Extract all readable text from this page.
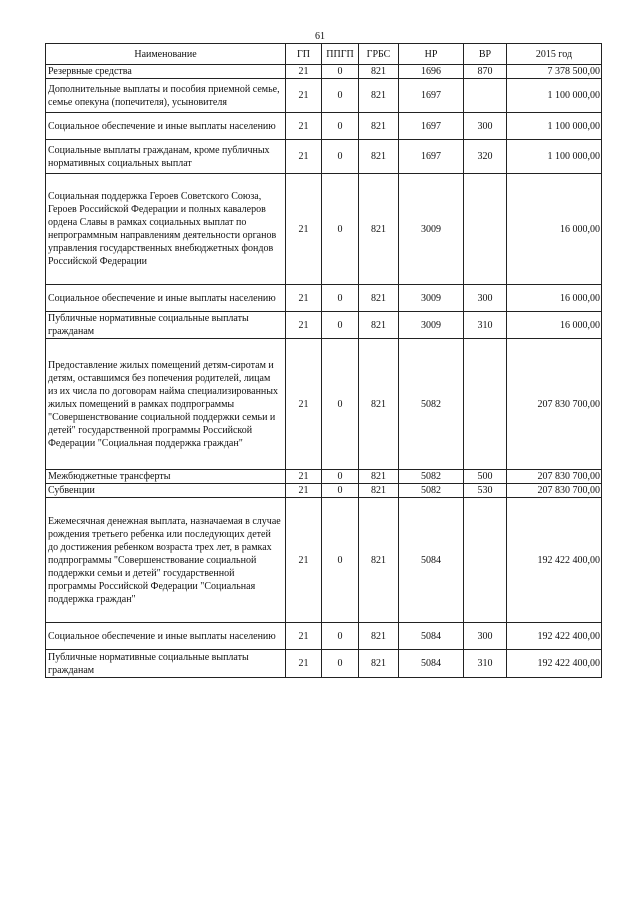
61
Наименование	ГП	ППГП	ГРБС	НР	ВР	2015 год
Резервные средства	21	0	821	1696	870	7 378 500,00
Дополнительные выплаты и пособия приемной семье, семье опекуна (попечителя), усыновителя	21	0	821	1697		1 100 000,00
Социальное обеспечение и иные выплаты населению	21	0	821	1697	300	1 100 000,00
Социальные выплаты гражданам, кроме публичных нормативных социальных выплат	21	0	821	1697	320	1 100 000,00
Социальная поддержка Героев Советского Союза, Героев Российской Федерации и полных кавалеров ордена Славы в рамках социальных выплат по непрограммным направлениям деятельности органов управления государственных внебюджетных фондов Российской Федерации	21	0	821	3009		16 000,00
Социальное обеспечение и иные выплаты населению	21	0	821	3009	300	16 000,00
Публичные нормативные социальные выплаты гражданам	21	0	821	3009	310	16 000,00
Предоставление жилых помещений детям-сиротам и детям, оставшимся без попечения родителей, лицам из их числа по договорам найма специализированных жилых помещений в рамках подпрограммы "Совершенствование социальной поддержки семьи и детей" государственной программы Российской Федерации "Социальная поддержка граждан"	21	0	821	5082		207 830 700,00
Межбюджетные трансферты	21	0	821	5082	500	207 830 700,00
Субвенции	21	0	821	5082	530	207 830 700,00
Ежемесячная денежная выплата, назначаемая в случае рождения третьего ребенка или последующих детей до достижения ребенком возраста трех лет, в рамках подпрограммы "Совершенствование социальной поддержки семьи и детей" государственной программы Российской Федерации "Социальная поддержка граждан"	21	0	821	5084		192 422 400,00
Социальное обеспечение и иные выплаты населению	21	0	821	5084	300	192 422 400,00
Публичные нормативные социальные выплаты гражданам	21	0	821	5084	310	192 422 400,00
